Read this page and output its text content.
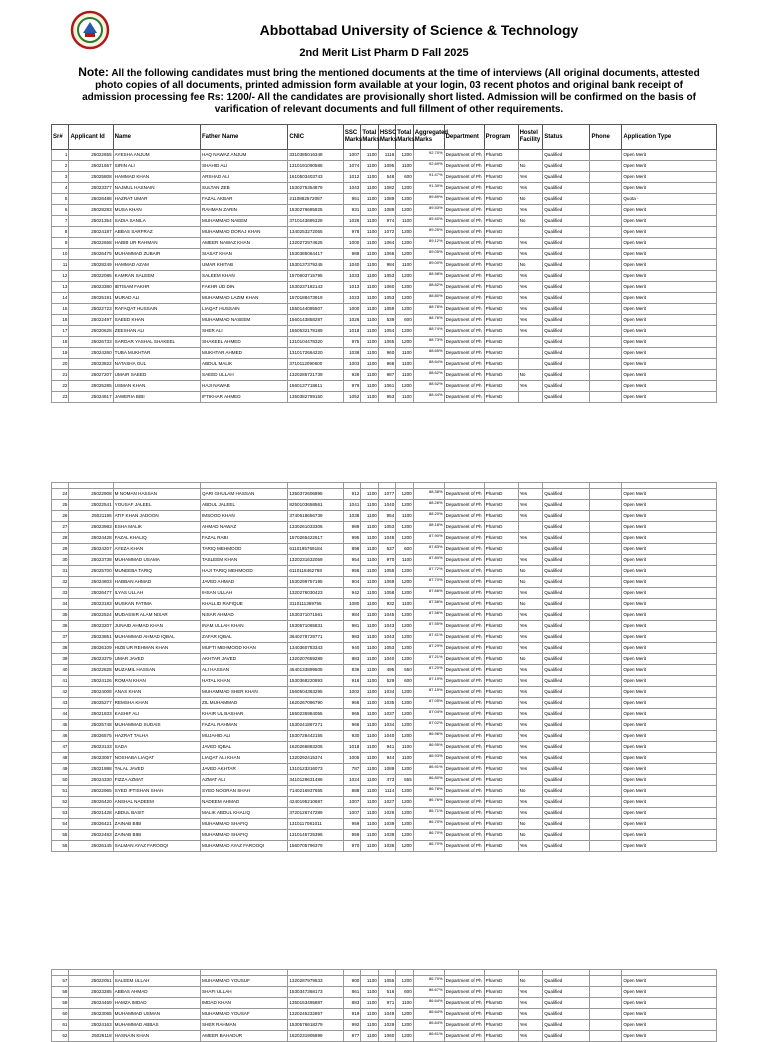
Abbottabad University of Science & Technology
2nd Merit List Pharm D Fall 2025
Note: All the following candidates must bring the mentioned documents at the time of interviews (All original documents, attested photo copies of all documents, printed admission form available at your login, 03 recent photos and original bank receipt of admission processing fee Rs: 1200/- All the candidates are provisionally short listed. Admission will be confirmed on the basis of varification of relevant documents and full fillment of other requirements.
Sr#	Applicant Id	Name	Father Name	CNIC	SSC Marks	Total Marks	HSSC Marks	Total Marks	Aggregated Marks	Department	Program	Hostel Facility	Status	Phone	Application Type
1	25022655	AYESHA ANJUM	HAQ NAWAZ ANJUM	3310385016348	1007	1100	1116	1200	92.70%	Department of Ph	PharmD		Qualified		Open Merit
2	25021657	SIRIN ALI	SHAHID ALI	1310191090586	1074	1100	1095	1100	92.69%	Department of Ph	PharmD	No	Qualified		Open Merit
3	25025808	HAMMAD KHAN	ARSHAD ALI	1610503403743	1012	1100	548	600	91.47%	Department of Ph	PharmD	Yes	Qualified		Open Merit
4	25023377	NAJMUL HASNAIN	SULTAN ZEB	1530275354879	1043	1100	1082	1200	91.30%	Department of Ph	PharmD	Yes	Qualified		Open Merit
5	25026488	HAZRAT UMAR	FAZAL AKBAR	2110882572087	951	1100	1089	1200	89.89%	Department of Ph	PharmD	No	Qualified		Quota -
6	25028283	MUSA KHAN	RAHMAN ZARIN	1530276685925	931	1100	1089	1200	89.53%	Department of Ph	PharmD	Yes	Qualified		Open Merit
7	25021354	SADIA SANILA	MUHAMMAD NAEEM	3710143695328	1026	1100	974	1100	89.40%	Department of Ph	PharmD	No	Qualified		Open Merit
8	25024187	ABBAS SARFRAZ	MUHAMMAD DORAJ KHAN	1340253272055	978	1100	1072	1200	89.25%	Department of Ph	PharmD		Qualified		Open Merit
9	25022658	HABIB UR RAHMAN	AMEER NAWAZ KHAN	1320272974625	1000	1100	1064	1200	89.12%	Department of Ph	PharmD	Yes	Qualified		Open Merit
10	25026475	MUHAMMAD ZUBAIR	SIASAT KHAN	1530385064417	989	1100	1066	1200	89.05%	Department of Ph	PharmD	Yes	Qualified		Open Merit
11	25028249	HAMMAD AZAM	UMAR KHITAB	1530137379245	1040	1100	984	1100	89.00%	Department of Ph	PharmD	No	Qualified		Open Merit
12	25022085	KAMRAN SALEEM	SALEEM KHAN	1570603715795	1033	1100	1053	1200	88.98%	Department of Ph	PharmD	Yes	Qualified		Open Merit
13	25023380	IBTISAM FAKHR	FAKHR UD DIN	1530237182143	1013	1100	1060	1200	88.82%	Department of Ph	PharmD	Yes	Qualified		Open Merit
14	25025191	MURAD ALI	MUHAMMAD LAZIM KHAN	1570188473919	1023	1100	1053	1200	88.80%	Department of Ph	PharmD	Yes	Qualified		Open Merit
15	25022723	RAFAQAT HUSSAIN	LIAQAT HUSSAIN	1550144095507	1000	1100	1059	1200	88.78%	Department of Ph	PharmD	Yes	Qualified		Open Merit
16	25022497	SAEED KHAN	MUHAMMAD NASEEM	1560143858287	1026	1100	539	600	88.76%	Department of Ph	PharmD	Yes	Qualified		Open Merit
17	25020628	ZEESHAN ALI	SHER ALI	1550532178189	1018	1100	1054	1200	88.74%	Department of Ph	PharmD	Yes	Qualified		Open Merit
18	25026733	SARDAR YASHAL SHAKEEL	SHAKEEL AHMED	1310104478320	975	1100	1065	1200	88.73%	Department of Ph	PharmD		Qualified		Open Merit
19	25024260	TUBA MUKHTAR	MUKHTAR AHMED	1310172664220	1036	1100	960	1100	88.65%	Department of Ph	PharmD		Qualified		Open Merit
20	25023822	NATASHA GUL	ABDUL MALIK	3710112090600	1003	1100	968	1100	88.64%	Department of Ph	PharmD		Qualified		Open Merit
21	25027207	UMAIR SAEED	SAEED ULLAH	1320285721739	928	1100	987	1100	88.62%	Department of Ph	PharmD	No	Qualified		Open Merit
22	25025285	USMAN KHAN	HAJI NAWAB	1560137718611	979	1100	1061	1200	88.52%	Department of Ph	PharmD	Yes	Qualified		Open Merit
23	25024817	JAWERIA BIBI	IFTIKHAR AHMED	1350382789150	1052	1100	953	1100	88.44%	Department of Ph	PharmD		Qualified		Open Merit

24	25022908	M NOMAN HASSAN	QARI GHULAM HASSAN	1350372606895	912	1100	1077	1200	88.38%	Department of Ph	PharmD	Yes	Qualified		Open Merit
25	25022541	YOUSAF JALEEL	ABDUL JALEEL	8250103658561	1041	1100	1040	1200	88.26%	Department of Ph	PharmD	Yes	Qualified		Open Merit
26	25021195	ATIF KHAN JADOON	IMSOOD KHAN	3740518656739	1038	1100	954	1100	88.20%	Department of Ph	PharmD	Yes	Qualified		Open Merit
27	25023983	ESHA MALIK	AHMAD NAWAZ	1330261033306	989	1100	1053	1200	88.18%	Department of Ph	PharmD		Qualified		Open Merit
28	25024428	FAZAL KHALIQ	FAZAL RABI	1570265422617	995	1100	1048	1200	87.90%	Department of Ph	PharmD	Yes	Qualified		Open Merit
29	25024207	AYEZA KHAN	TARIQ MEHMOOD	6110195769184	898	1100	537	600	87.83%	Department of Ph	PharmD		Qualified		Open Merit
30	25023738	MUHAMMAD USAMA	TASLEEM KHAN	1320231632059	954	1100	970	1100	87.80%	Department of Ph	PharmD	Yes	Qualified		Open Merit
31	25025700	MUNEEBA TARIQ	HAJI TARIQ MEHMOOD	6110118462768	956	1100	1055	1200	87.72%	Department of Ph	PharmD	No	Qualified		Open Merit
32	25024803	HABBAN AHMAD	JAVED AHMAD	1530299757195	904	1100	1069	1200	87.70%	Department of Ph	PharmD	No	Qualified		Open Merit
33	25026477	ILYAS ULLAH	IHSAN ULLAH	1320276030423	942	1100	1058	1200	87.66%	Department of Ph	PharmD	Yes	Qualified		Open Merit
34	25023183	MUSKAN FATIMA	KHALLID RAFIQUE	3110111369755	1080	1100	932	1100	87.58%	Department of Ph	PharmD	No	Qualified		Open Merit
35	25022524	MUDASSIR ALAM NISAR	NISAR AHMAD	1530371071561	984	1100	1045	1200	87.56%	Department of Ph	PharmD	Yes	Qualified		Open Merit
36	25023207	JUNAID AHMAD KHAN	INAM ULLAH KHAN	1530571065831	981	1100	1043	1200	87.55%	Department of Ph	PharmD	Yes	Qualified		Open Merit
37	25023851	MUHAMMAD AHMAD IQBAL	ZAFAR IQBAL	3640278729771	983	1100	1043	1200	87.41%	Department of Ph	PharmD	Yes	Qualified		Open Merit
38	25026109	HIZB UR REHMAN KHAN	MUFTI MEHMOOD KHAN	1340360783343	940	1100	1053	1200	87.29%	Department of Ph	PharmD	Yes	Qualified		Open Merit
39	25023379	UMAR JAVED	AKHTAR JAVED	1320207659289	983	1100	1040	1200	87.21%	Department of Ph	PharmD	No	Qualified		Open Merit
40	25022828	MUZAMIL HASSAN	ALI HASSAN	4540133899505	836	1100	495	550	87.20%	Department of Ph	PharmD	Yes	Qualified		Open Merit
41	25024126	ROMAN KHAN	HATAL KHAN	1530368220893	916	1100	529	600	87.19%	Department of Ph	PharmD	Yes	Qualified		Open Merit
42	25024008	ANAS KHAN	MUHAMMAD SHER KHAN	1560504363295	1002	1100	1034	1200	87.15%	Department of Ph	PharmD	Yes	Qualified		Open Merit
43	25025277	REMSHA KHAN	ZIL MUHAMMAD	1620267096790	966	1100	1035	1200	87.05%	Department of Ph	PharmD	Yes	Qualified		Open Merit
44	25021833	KASHIF ALI	KHAIR UL BASHAR	1550235984055	965	1100	1037	1200	87.04%	Department of Ph	PharmD	Yes	Qualified		Open Merit
45	25025748	MUHAMMAD SUDAIS	FAZAL RAHMAN	1530241867271	966	1100	1034	1200	87.02%	Department of Ph	PharmD	Yes	Qualified		Open Merit
46	25026575	HAZRAT TALHA	MUJAHID ALI	1530728442155	930	1100	1040	1200	86.96%	Department of Ph	PharmD	Yes	Qualified		Open Merit
47	25023133	SADA	JAVED IQBAL	1620266883206	1018	1100	941	1100	86.95%	Department of Ph	PharmD	Yes	Qualified		Open Merit
48	25023067	NOSHABA LIAQAT	LIAQAT ALI KHAN	1320292415374	1005	1100	944	1100	86.93%	Department of Ph	PharmD	Yes	Qualified		Open Merit
49	25021988	TALAL JAVED	JAVED AKHTAR	1310123316073	787	1100	1089	1200	86.91%	Department of Ph	PharmD	Yes	Qualified		Open Merit
50	25024330	FIZZA AZMAT	AZMAT ALI	3410128631486	1024	1100	473	555	86.80%	Department of Ph	PharmD		Qualified		Open Merit
51	25022965	SYED IFTISHAN SHAH	SYED NOORAN SHAH	7140216937655	888	1100	1114	1200	86.78%	Department of Ph	PharmD	No	Qualified		Open Merit
52	25026420	ANSHAL NADEEM	NADEEM AHMAD	4240195210687	1007	1100	1027	1200	86.76%	Department of Ph	PharmD	Yes	Qualified		Open Merit
53	25021428	ABDUL BASIT	MALIK ABDUL KHALIQ	3720126747289	1007	1100	1026	1200	86.71%	Department of Ph	PharmD	Yes	Qualified		Open Merit
54	25026421	ZAINAB BIBI	MUHAMMAD SHAFIQ	1310117081011	959	1100	1039	1200	86.70%	Department of Ph	PharmD	No	Qualified		Open Merit
55	25022483	ZAINAB BIBI	MUHAMMAD SHAFIQ	1310145725396	959	1100	1039	1200	86.70%	Department of Ph	PharmD	No	Qualified		Open Merit
56	25026145	SALMAN AYAZ FAROOQI	MUHAMMAD AYAZ FAROOQI	1560705796379	970	1100	1036	1200	86.70%	Department of Ph	PharmD	Yes	Qualified		Open Merit

57	25022051	SALEEM ULLAH	MUHAMMAD YOUSUF	1320287979533	900	1100	1055	1200	86.70%	Department of Ph	PharmD	No	Qualified		Open Merit
58	25023285	ABBAS AHMAD	SHAFI ULLAH	1530347368173	861	1100	516	600	86.67%	Department of Ph	PharmD	Yes	Qualified		Open Merit
59	25024469	HAMZA IMDAD	IMDAD KHAN	1350153495887	883	1100	971	1100	86.64%	Department of Ph	PharmD	Yes	Qualified		Open Merit
60	25023065	MUHAMMAD USMAN	MUHAMMAD YOUSAF	1320245232857	919	1100	1049	1200	86.64%	Department of Ph	PharmD	Yes	Qualified		Open Merit
61	25024163	MUHAMMAD ABBAS	SHER RAHMAN	1530576618279	992	1100	1029	1200	86.64%	Department of Ph	PharmD	Yes	Qualified		Open Merit
62	25026118	HASNAIN KHAN	AMEER BAHADUR	1620231905899	877	1100	1060	1200	86.61%	Department of Ph	PharmD	Yes	Qualified		Open Merit
